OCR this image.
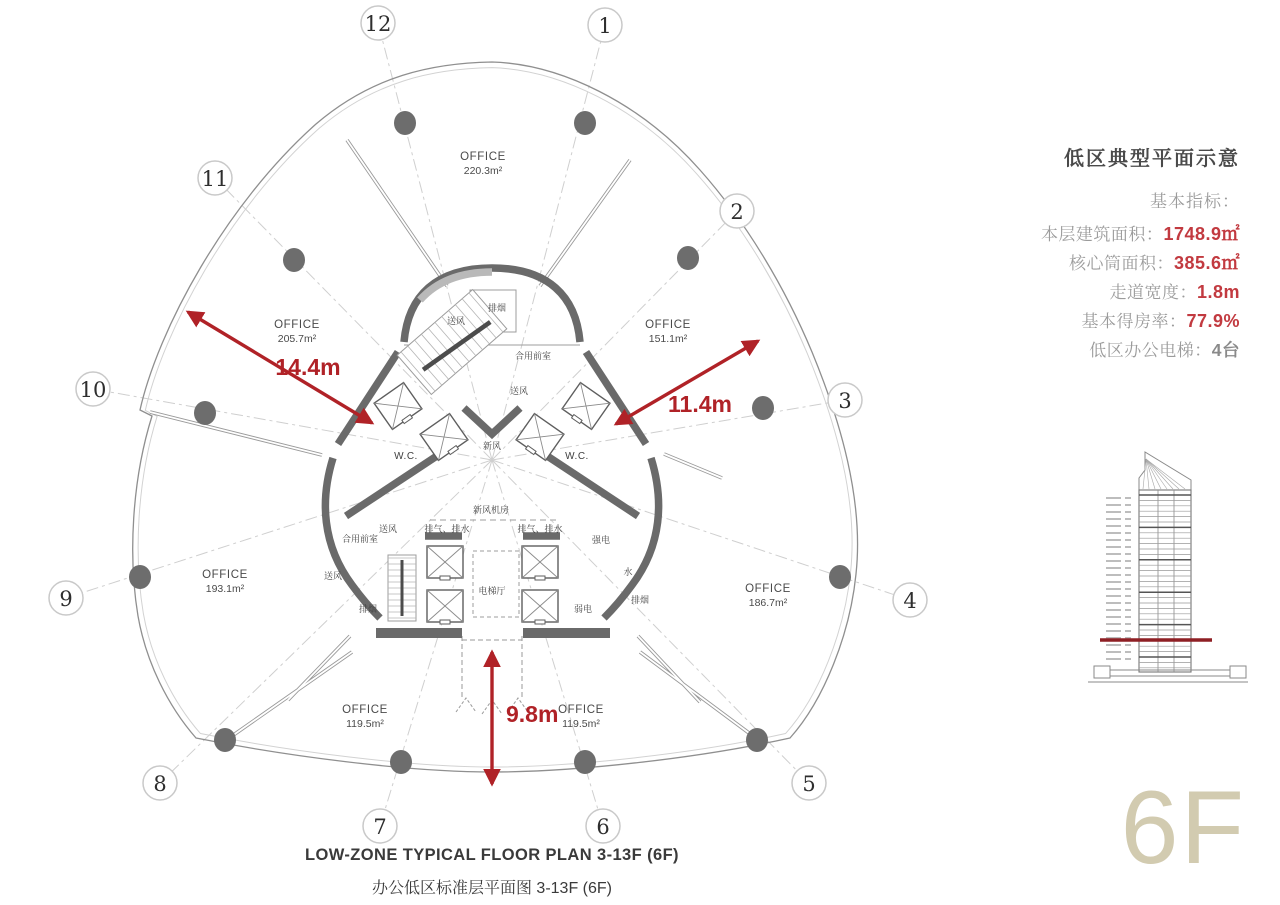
1
2
3
4
5
6
7
8
9
10
11
12
OFFICE
220.3m²
OFFICE
205.7m²
OFFICE
151.1m²
OFFICE
193.1m²	OFFICE
186.7m²
OFFICE
119.5m²
OFFICE
119.5m²
排烟
送风
合用前室
送风
新风
W.C.	W.C.
新风机房
排气、排水	排气、排水
合用前室
送风
送风
排烟
电梯厅
强电
水
弱电
排烟
14.4m
11.4m
9.8m
低区典型平面示意
基本指标：
本层建筑面积：1748.9㎡
核心筒面积：385.6㎡
走道宽度：1.8m
基本得房率：77.9%
低区办公电梯：4台
LOW-ZONE TYPICAL FLOOR PLAN 3-13F (6F)
办公低区标准层平面图 3-13F (6F)
6F
